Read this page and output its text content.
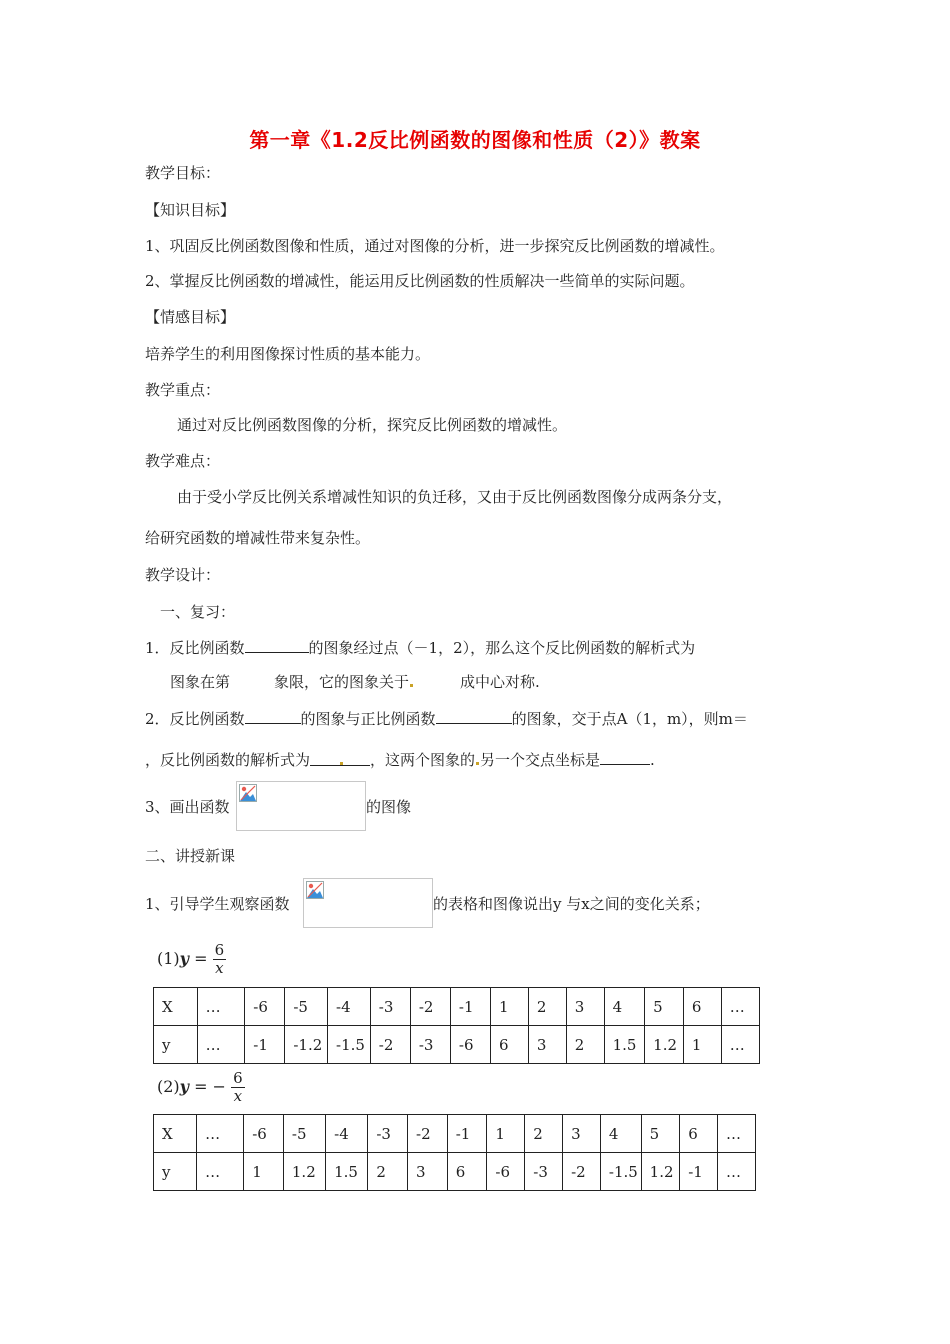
第一章《1.2反比例函数的图像和性质（2）》教案
教学目标：
【知识目标】
1、巩固反比例函数图像和性质，通过对图像的分析，进一步探究反比例函数的增减性。
2、掌握反比例函数的增减性，能运用反比例函数的性质解决一些简单的实际问题。
【情感目标】
培养学生的利用图像探讨性质的基本能力。
教学重点：
通过对反比例函数图像的分析，探究反比例函数的增减性。
教学难点：
由于受小学反比例关系增减性知识的负迁移，又由于反比例函数图像分成两条分支，
给研究函数的增减性带来复杂性。
教学设计：
一、复习：
1．反比例函数	的图象经过点（－1，2），那么这个反比例函数的解析式为
图象在第	象限，它的图象关于	成中心对称.
2．反比例函数	的图象与正比例函数	的图象，交于点A（1，m），则m＝
，反比例函数的解析式为	，这两个图象的 另一个交点坐标是	.
3、画出函数	的图像
二、讲授新课
1、引导学生观察函数	的表格和图像说出y 与x之间的变化关系；
$(1)y = \frac{6}{x}$
X	…	-6	-5	-4	-3	-2	-1	1	2	3	4	5	6	…
y	…	-1	-1.2	-1.5	-2	-3	-6	6	3	2	1.5	1.2	1	…
(2)y = − $\frac{6}{x}$
X	…	-6	-5	-4	-3	-2	-1	1	2	3	4	5	6	…
y	…	1	1.2	1.5	2	3	6	-6	-3	-2	-1.5	1.2	-1	…
